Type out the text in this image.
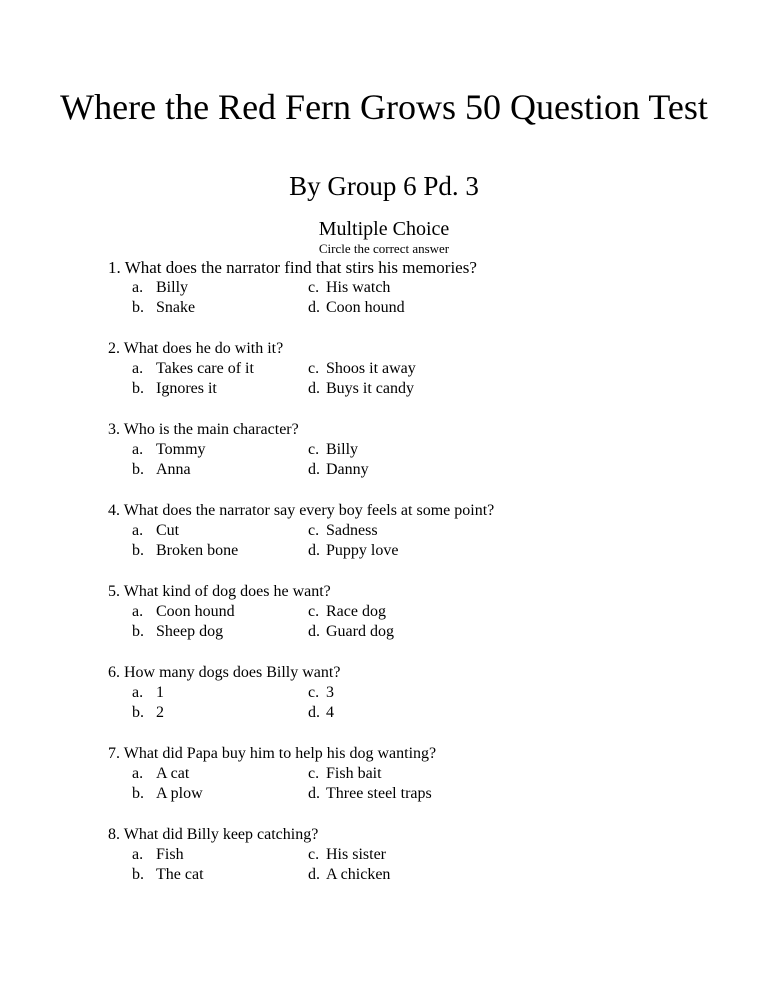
Where the Red Fern Grows 50 Question Test
By Group 6 Pd. 3
Multiple Choice
Circle the correct answer
1. What does the narrator find that stirs his memories?
a. Billy	c. His watch
b. Snake	d. Coon hound
2. What does he do with it?
a. Takes care of it	c. Shoos it away
b. Ignores it	d. Buys it candy
3. Who is the main character?
a. Tommy	c. Billy
b. Anna	d. Danny
4. What does the narrator say every boy feels at some point?
a. Cut	c. Sadness
b. Broken bone	d. Puppy love
5. What kind of dog does he want?
a. Coon hound	c. Race dog
b. Sheep dog	d. Guard dog
6. How many dogs does Billy want?
a. 1	c. 3
b. 2	d. 4
7. What did Papa buy him to help his dog wanting?
a. A cat	c. Fish bait
b. A plow	d. Three steel traps
8. What did Billy keep catching?
a. Fish	c. His sister
b. The cat	d. A chicken
